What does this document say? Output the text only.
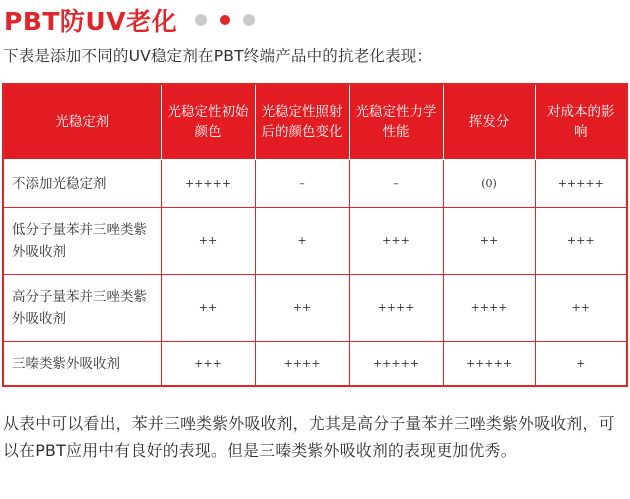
PBT防UV老化
下表是添加不同的UV稳定剂在PBT终端产品中的抗老化表现：
光稳定剂	光稳定性初始颜色	光稳定性照射后的颜色变化	光稳定性力学性能	挥发分	对成本的影响
不添加光稳定剂	+++++	–	–	(0)	+++++
低分子量苯并三唑类紫外吸收剂	++	+	+++	++	+++
高分子量苯并三唑类紫外吸收剂	++	++	++++	++++	++
三嗪类紫外吸收剂	+++	++++	+++++	+++++	+
从表中可以看出，苯并三唑类紫外吸收剂，尤其是高分子量苯并三唑类紫外吸收剂，可以在PBT应用中有良好的表现。但是三嗪类紫外吸收剂的表现更加优秀。
